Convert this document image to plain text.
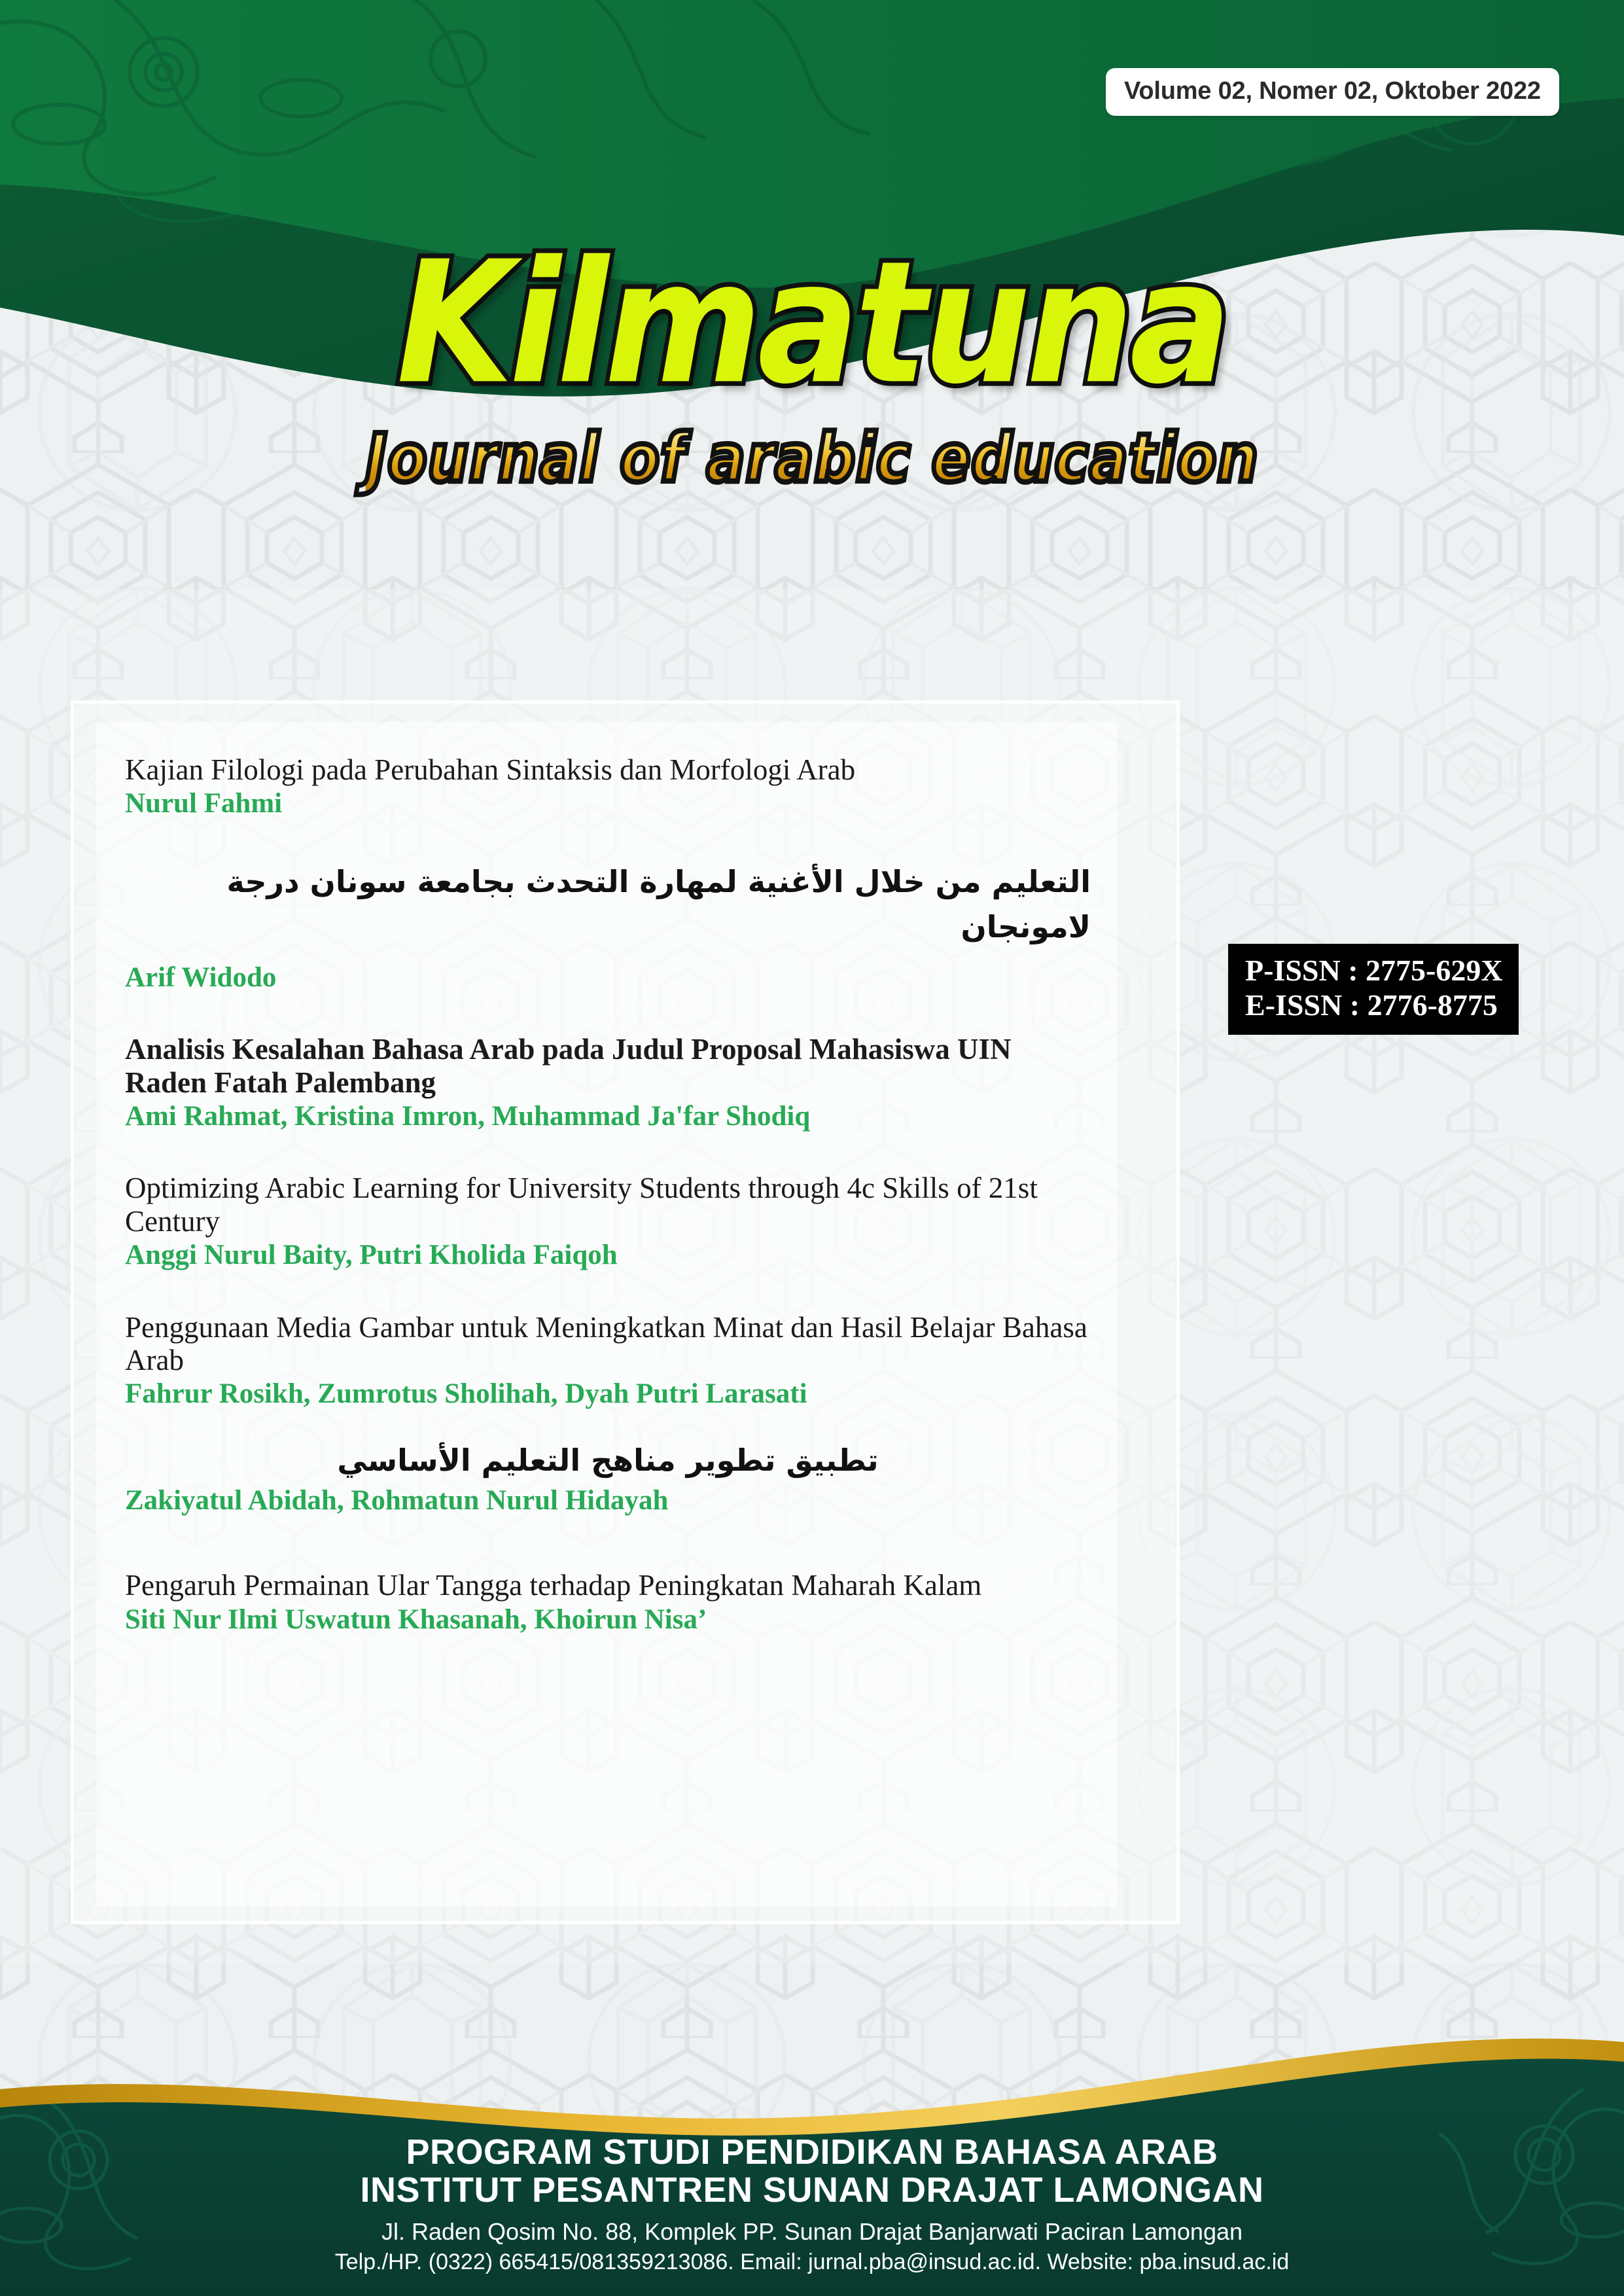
Volume 02, Nomer 02, Oktober 2022
Kilmatuna Journal of arabic education
Kajian Filologi pada Perubahan Sintaksis dan Morfologi Arab
Nurul Fahmi
التعليم من خلال الأغنية لمهارة التحدث بجامعة سونان درجة
لامونجان
Arif Widodo
Analisis Kesalahan Bahasa Arab pada Judul Proposal Mahasiswa UIN Raden Fatah Palembang
Ami Rahmat, Kristina Imron, Muhammad Ja'far Shodiq
Optimizing Arabic Learning for University Students through 4c Skills of 21st Century
Anggi Nurul Baity, Putri Kholida Faiqoh
Penggunaan Media Gambar untuk Meningkatkan Minat dan Hasil Belajar Bahasa Arab
Fahrur Rosikh, Zumrotus Sholihah, Dyah Putri Larasati
تطبيق تطوير مناهج التعليم الأساسي
Zakiyatul Abidah, Rohmatun Nurul Hidayah
Pengaruh Permainan Ular Tangga terhadap Peningkatan Maharah Kalam
Siti Nur Ilmi Uswatun Khasanah, Khoirun Nisa’
P-ISSN : 2775-629X
E-ISSN : 2776-8775
PROGRAM STUDI PENDIDIKAN BAHASA ARAB
INSTITUT PESANTREN SUNAN DRAJAT LAMONGAN
Jl. Raden Qosim No. 88, Komplek PP. Sunan Drajat Banjarwati Paciran Lamongan
Telp./HP. (0322) 665415/081359213086. Email: jurnal.pba@insud.ac.id. Website: pba.insud.ac.id
